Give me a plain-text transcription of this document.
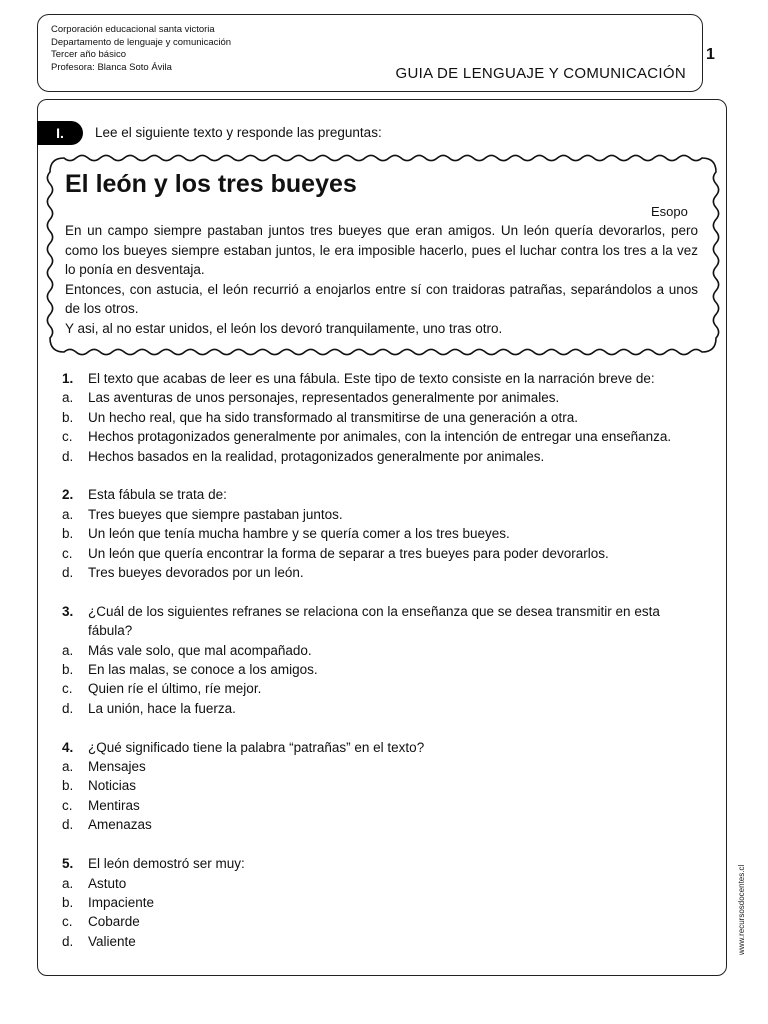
Corporación educacional santa victoria
Departamento de lenguaje y comunicación
Tercer año básico
Profesora: Blanca Soto Ávila	GUIA DE LENGUAJE Y COMUNICACIÓN
1
I.	Lee el siguiente texto y responde las preguntas:
El león y los tres bueyes
Esopo

En un campo siempre pastaban juntos tres bueyes que eran amigos. Un león quería devorarlos, pero como los bueyes siempre estaban juntos, le era imposible hacerlo, pues el luchar contra los tres a la vez lo ponía en desventaja.

Entonces, con astucia, el león recurrió a enojarlos entre sí con traidoras patrañas, separándolos a unos de los otros.

Y asi, al no estar unidos, el león los devoró tranquilamente, uno tras otro.

1.	El texto que acabas de leer es una fábula. Este tipo de texto consiste en la narración breve de:
a.	Las aventuras de unos personajes, representados generalmente por animales.
b.	Un hecho real, que ha sido transformado al transmitirse de una generación a otra.
c.	Hechos protagonizados generalmente por animales, con la intención de entregar una enseñanza.
d.	Hechos basados en la realidad, protagonizados generalmente por animales.
2.	Esta fábula se trata de:
a.	Tres bueyes que siempre pastaban juntos.
b.	Un león que tenía mucha hambre y se quería comer a los tres bueyes.
c.	Un león que quería encontrar la forma de separar a tres bueyes para poder devorarlos.
d.	Tres bueyes devorados por un león.
3.	¿Cuál de los siguientes refranes se relaciona con la enseñanza que se desea transmitir en esta fábula?
a.	Más vale solo, que mal acompañado.
b.	En las malas, se conoce a los amigos.
c.	Quien ríe el último, ríe mejor.
d.	La unión, hace la fuerza.
4.	¿Qué significado tiene la palabra “patrañas” en el texto?
a.	Mensajes
b.	Noticias
c.	Mentiras
d.	Amenazas
5.	El león demostró ser muy:
a.	Astuto
b.	Impaciente
c.	Cobarde
d.	Valiente	www.recursosdocentes.cl
